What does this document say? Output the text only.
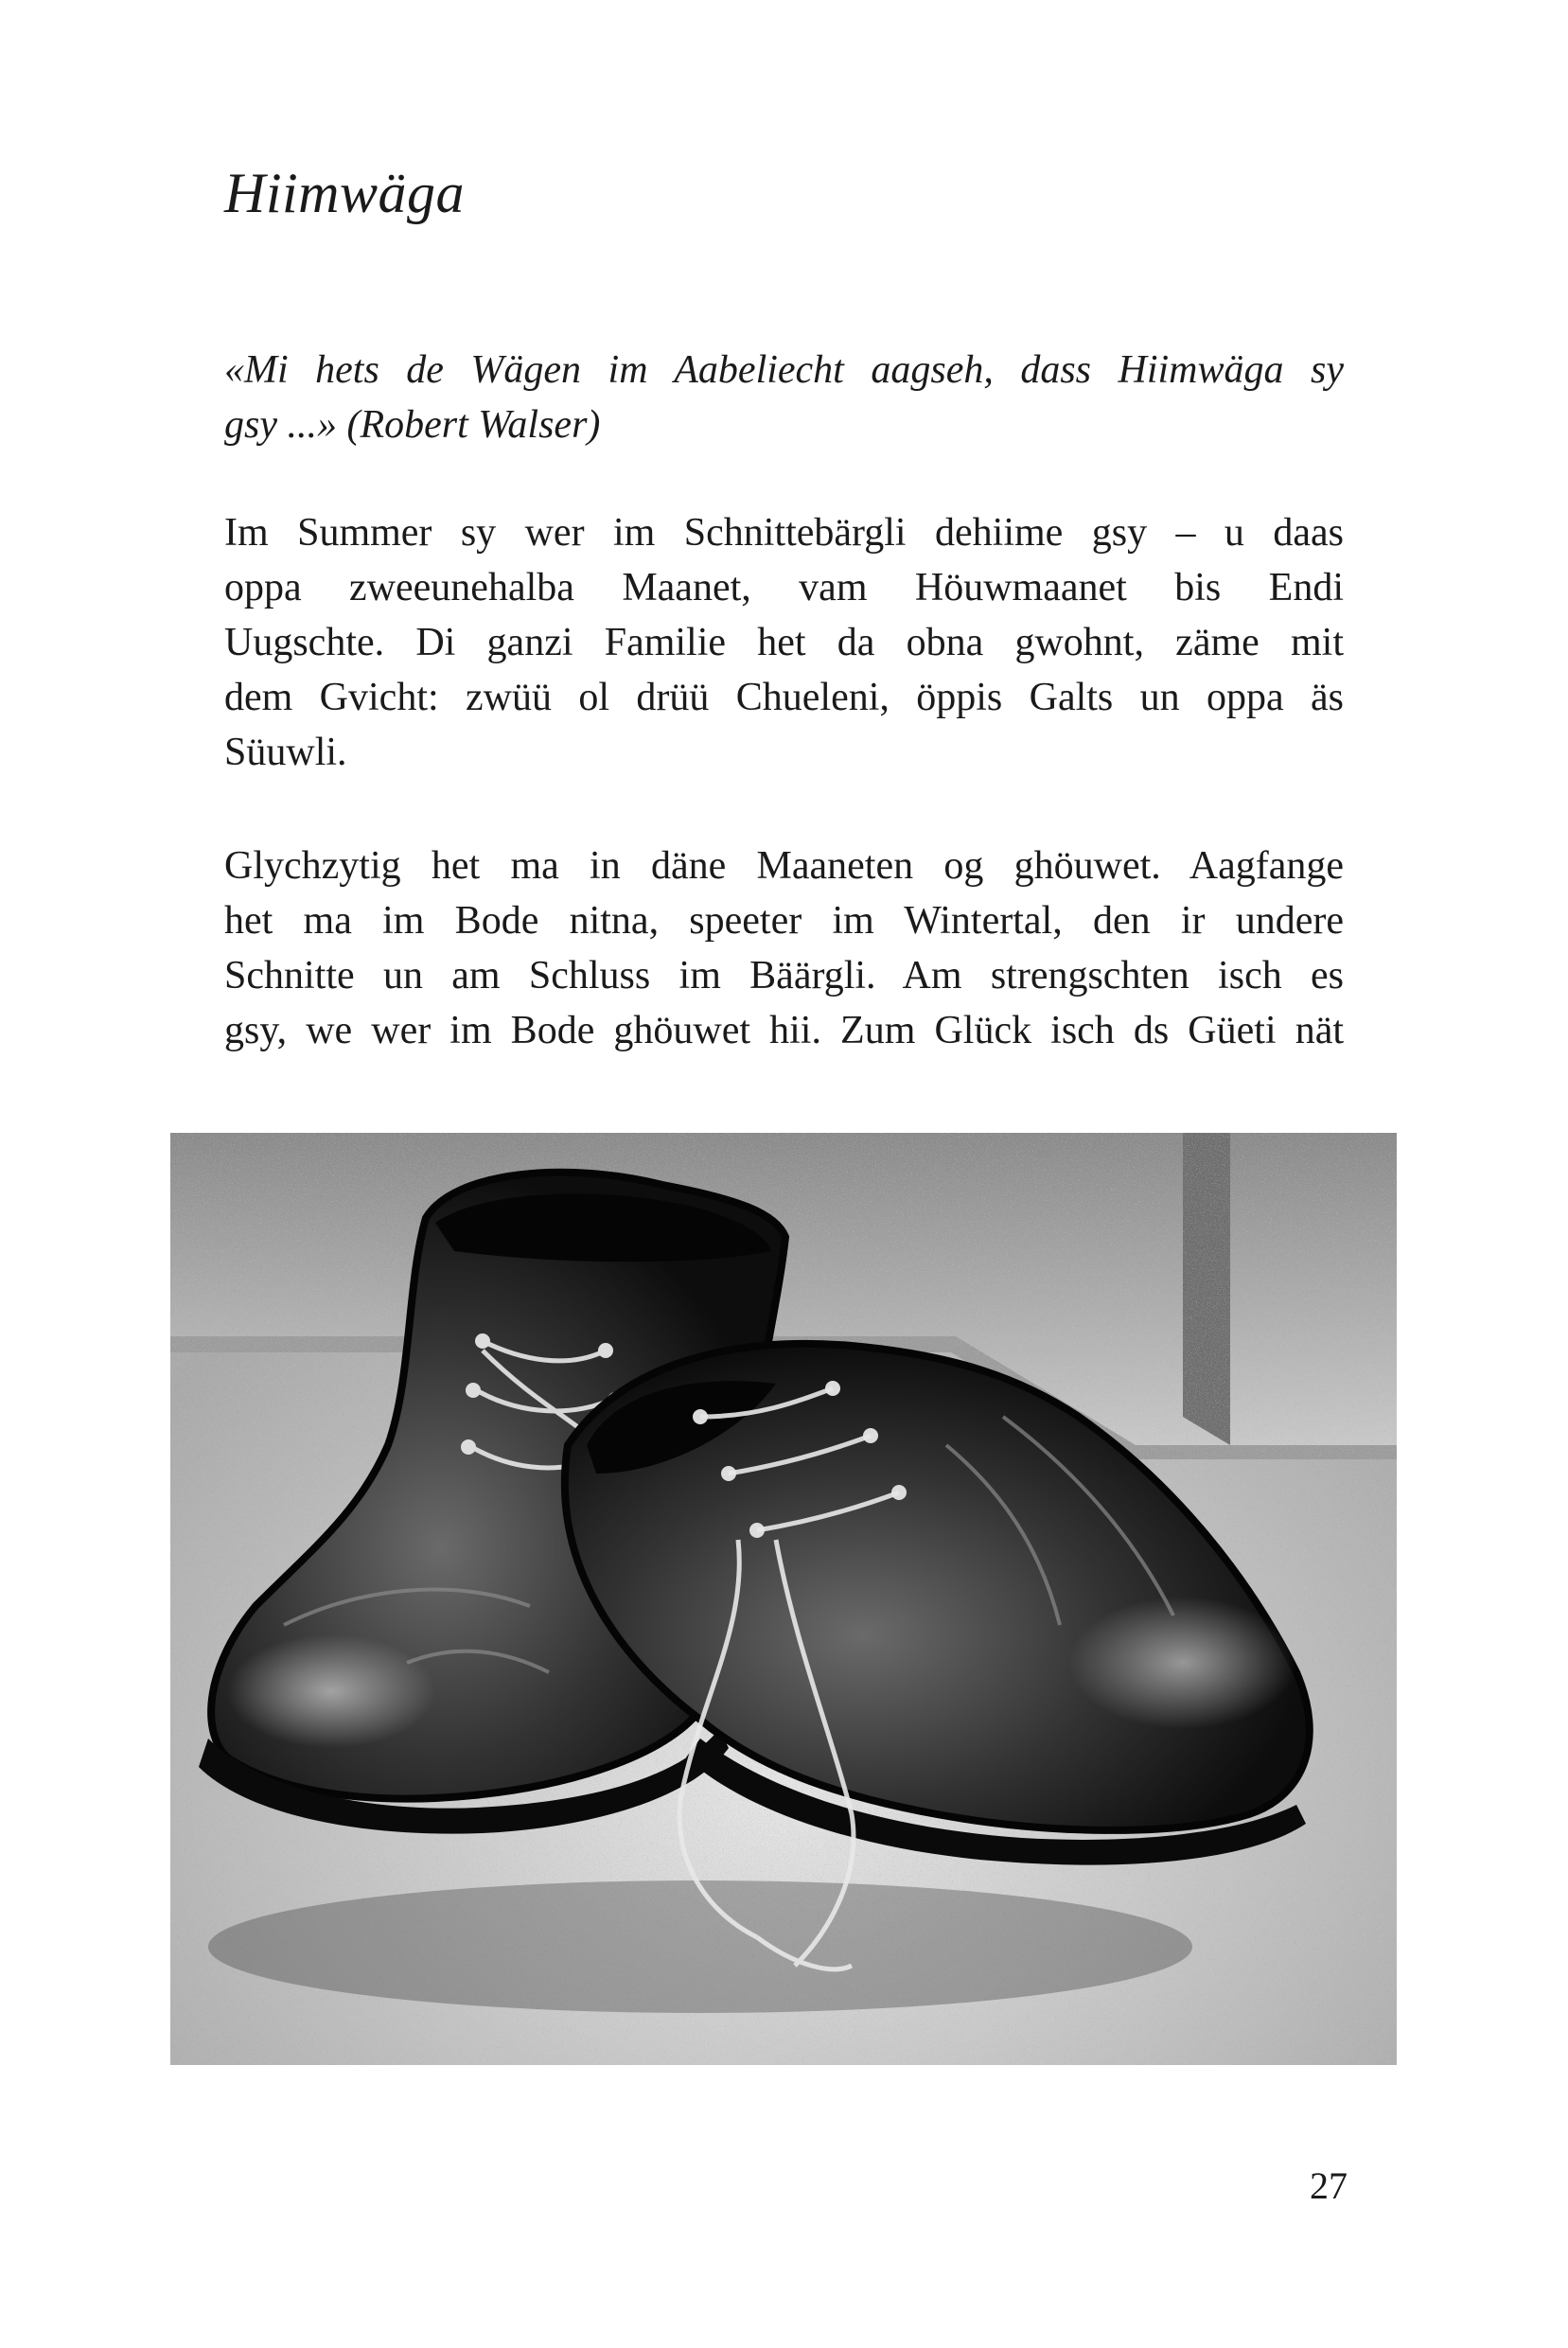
Hiimwäga
«Mi hets de Wägen im Aabeliecht aagseh, dass Hiimwäga sy
gsy ...» (Robert Walser)
Im Summer sy wer im Schnittebärgli dehiime gsy – u daas
oppa zweeunehalba Maanet, vam Höuwmaanet bis Endi
Uugschte. Di ganzi Familie het da obna gwohnt, zäme mit
dem Gvicht: zwüü ol drüü Chueleni, öppis Galts un oppa äs
Süuwli.
Glychzytig het ma in däne Maaneten og ghöuwet. Aagfange
het ma im Bode nitna, speeter im Wintertal, den ir undere
Schnitte un am Schluss im Bäärgli. Am strengschten isch es
gsy, we wer im Bode ghöuwet hii. Zum Glück isch ds Güeti nät
27
